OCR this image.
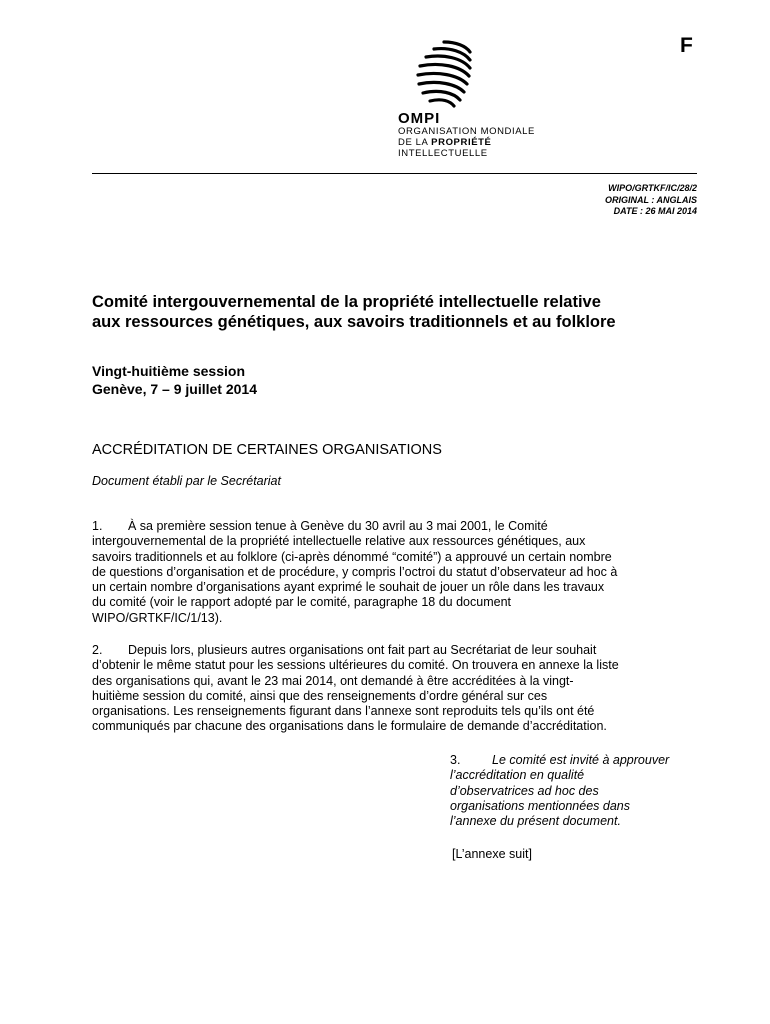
F
OMPI
ORGANISATION MONDIALE
DE LA PROPRIÉTÉ
INTELLECTUELLE
WIPO/GRTKF/IC/28/2
ORIGINAL : ANGLAIS
DATE : 26 MAI 2014
Comité intergouvernemental de la propriété intellectuelle relative
aux ressources génétiques, aux savoirs traditionnels et au folklore
Vingt-huitième session
Genève, 7 – 9 juillet 2014
ACCRÉDITATION DE CERTAINES ORGANISATIONS
Document établi par le Secrétariat
1. À sa première session tenue à Genève du 30 avril au 3 mai 2001, le Comité
intergouvernemental de la propriété intellectuelle relative aux ressources génétiques, aux
savoirs traditionnels et au folklore (ci-après dénommé “comité”) a approuvé un certain nombre
de questions d’organisation et de procédure, y compris l’octroi du statut d’observateur ad hoc à
un certain nombre d’organisations ayant exprimé le souhait de jouer un rôle dans les travaux
du comité (voir le rapport adopté par le comité, paragraphe 18 du document
WIPO/GRTKF/IC/1/13).
2. Depuis lors, plusieurs autres organisations ont fait part au Secrétariat de leur souhait
d’obtenir le même statut pour les sessions ultérieures du comité. On trouvera en annexe la liste
des organisations qui, avant le 23 mai 2014, ont demandé à être accréditées à la vingt-
huitième session du comité, ainsi que des renseignements d’ordre général sur ces
organisations. Les renseignements figurant dans l’annexe sont reproduits tels qu’ils ont été
communiqués par chacune des organisations dans le formulaire de demande d’accréditation.
3.	Le comité est invité à approuver
l’accréditation en qualité
d’observatrices ad hoc des
organisations mentionnées dans
l’annexe du présent document.
[L’annexe suit]
